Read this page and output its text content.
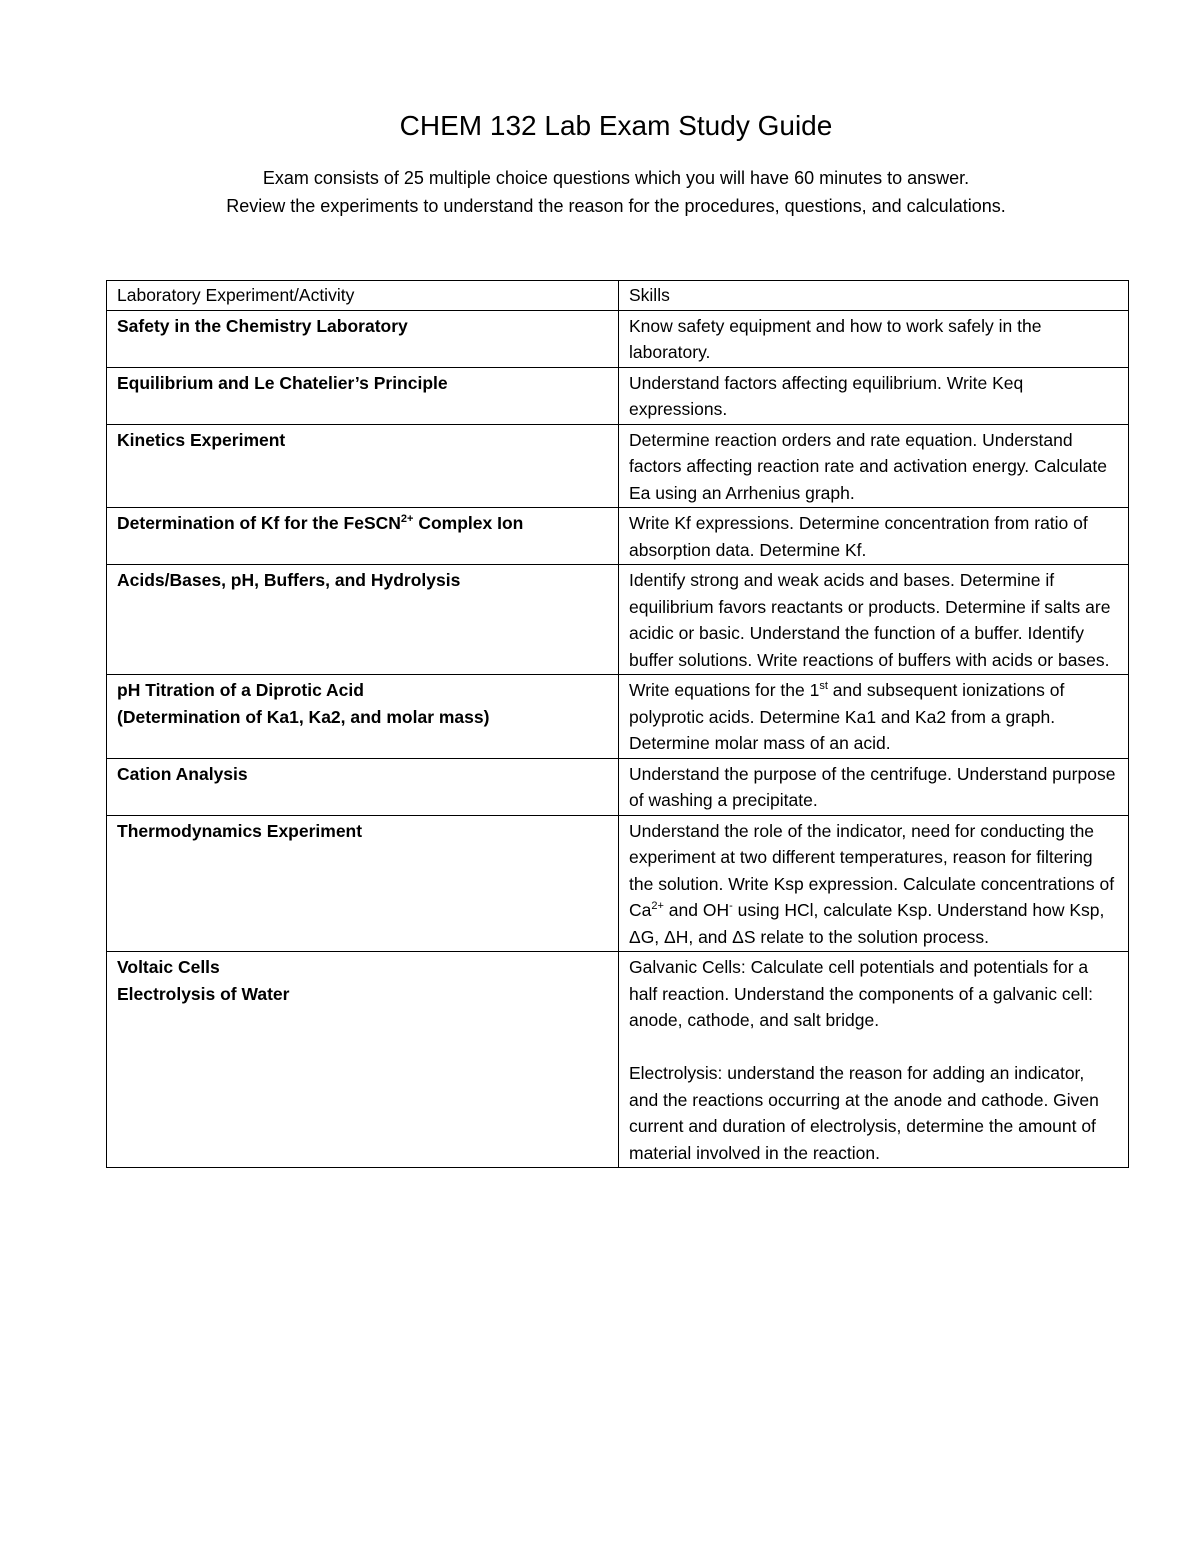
CHEM 132 Lab Exam Study Guide
Exam consists of 25 multiple choice questions which you will have 60 minutes to answer.
Review the experiments to understand the reason for the procedures, questions, and calculations.
Laboratory Experiment/Activity	Skills
Safety in the Chemistry Laboratory	Know safety equipment and how to work safely in the laboratory.
Equilibrium and Le Chatelier’s Principle	Understand factors affecting equilibrium. Write Keq expressions.
Kinetics Experiment	Determine reaction orders and rate equation. Understand factors affecting reaction rate and activation energy. Calculate Ea using an Arrhenius graph.
Determination of Kf for the FeSCN$^{2+}$ Complex Ion	Write Kf expressions. Determine concentration from ratio of absorption data. Determine Kf.
Acids/Bases, pH, Buffers, and Hydrolysis	Identify strong and weak acids and bases. Determine if equilibrium favors reactants or products. Determine if salts are acidic or basic. Understand the function of a buffer. Identify buffer solutions. Write reactions of buffers with acids or bases.

pH Titration of a Diprotic Acid
(Determination of Ka1, Ka2, and molar mass)	Write equations for the 1st and subsequent ionizations of polyprotic acids. Determine Ka1 and Ka2 from a graph. Determine molar mass of an acid.
Cation Analysis	Understand the purpose of the centrifuge. Understand purpose of washing a precipitate.
Thermodynamics Experiment	Understand the role of the indicator, need for conducting the experiment at two different temperatures, reason for filtering the solution. Write Ksp expression. Calculate concentrations of $Ca^{2+}$ and OH- using HCl, calculate Ksp. Understand how Ksp, ΔG, ΔH, and ΔS relate to the solution process.

Voltaic Cells
Electrolysis of Water	Galvanic Cells: Calculate cell potentials and potentials for a half reaction. Understand the components of a galvanic cell: anode, cathode, and salt bridge.
Electrolysis: understand the reason for adding an indicator, and the reactions occurring at the anode and cathode. Given current and duration of electrolysis, determine the amount of material involved in the reaction.
